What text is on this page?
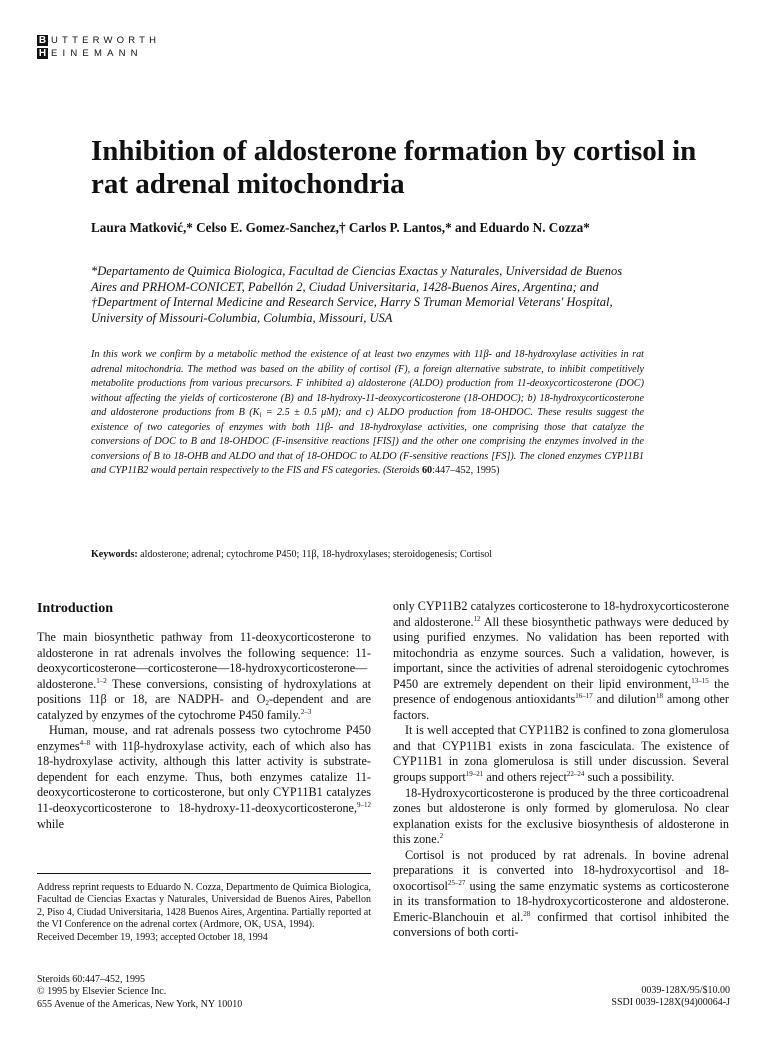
B UTTERWORTH
H EINEMANN
Inhibition of aldosterone formation by cortisol in rat adrenal mitochondria
Laura Matković,* Celso E. Gomez-Sanchez,† Carlos P. Lantos,* and Eduardo N. Cozza*
*Departamento de Quimica Biologica, Facultad de Ciencias Exactas y Naturales, Universidad de Buenos Aires and PRHOM-CONICET, Pabellón 2, Ciudad Universitaria, 1428-Buenos Aires, Argentina; and †Department of Internal Medicine and Research Service, Harry S Truman Memorial Veterans' Hospital, University of Missouri-Columbia, Columbia, Missouri, USA
In this work we confirm by a metabolic method the existence of at least two enzymes with 11β- and 18-hydroxylase activities in rat adrenal mitochondria. The method was based on the ability of cortisol (F), a foreign alternative substrate, to inhibit competitively metabolite productions from various precursors. F inhibited a) aldosterone (ALDO) production from 11-deoxycorticosterone (DOC) without affecting the yields of corticosterone (B) and 18-hydroxy-11-deoxycorticosterone (18-OHDOC); b) 18-hydroxycorticosterone and aldosterone productions from B ($K_i = 2.5 \pm 0.5$ μM); and c) ALDO production from 18-OHDOC. These results suggest the existence of two categories of enzymes with both 11β- and 18-hydroxylase activities, one comprising those that catalyze the conversions of DOC to B and 18-OHDOC (F-insensitive reactions [FIS]) and the other one comprising the enzymes involved in the conversions of B to 18-OHB and ALDO and that of 18-OHDOC to ALDO (F-sensitive reactions [FS]). The cloned enzymes CYP11B1 and CYP11B2 would pertain respectively to the FIS and FS categories. (Steroids 60:447–452, 1995)
Keywords: aldosterone; adrenal; cytochrome P450; 11β, 18-hydroxylases; steroidogenesis; Cortisol
Introduction

The main biosynthetic pathway from 11-deoxycorticosterone to aldosterone in rat adrenals involves the following sequence: 11-deoxycorticosterone—corticosterone—18-hydroxycorticosterone—aldosterone.$^{1-2}$ These conversions, consisting of hydroxylations at positions 11β or 18, are NADPH- and $O_2$-dependent and are catalyzed by enzymes of the cytochrome P450 family.$^{2-3}$

Human, mouse, and rat adrenals possess two cytochrome P450 enzymes$^{4-8}$ with 11β-hydroxylase activity, each of which also has 18-hydroxylase activity, although this latter activity is substrate-dependent for each enzyme. Thus, both enzymes catalize 11-deoxycorticosterone to corticosterone, but only CYP11B1 catalyzes 11-deoxycorticosterone to 18-hydroxy-11-deoxycorticosterone,$^{9-12}$ while

Address reprint requests to Eduardo N. Cozza, Departmento de Quimica Biologica, Facultad de Ciencias Exactas y Naturales, Universidad de Buenos Aires, Pabellon 2, Piso 4, Ciudad Universitaria, 1428 Buenos Aires, Argentina. Partially reported at the VI Conference on the adrenal cortex (Ardmore, OK, USA, 1994).
Received December 19, 1993; accepted October 18, 1994
Steroids 60:447–452, 1995
© 1995 by Elsevier Science Inc.
655 Avenue of the Americas, New York, NY 10010
0039-128X/95/$10.00
SSDI 0039-128X(94)00064-J

only CYP11B2 catalyzes corticosterone to 18-hydroxycorticosterone and aldosterone.$^{12}$ All these biosynthetic pathways were deduced by using purified enzymes. No validation has been reported with mitochondria as enzyme sources. Such a validation, however, is important, since the activities of adrenal steroidogenic cytochromes P450 are extremely dependent on their lipid environment,$^{13-15}$ the presence of endogenous antioxidants$^{16-17}$ and dilution$^{18}$ among other factors.

It is well accepted that CYP11B2 is confined to zona glomerulosa and that CYP11B1 exists in zona fasciculata. The existence of CYP11B1 in zona glomerulosa is still under discussion. Several groups support$^{19-21}$ and others reject$^{22-24}$ such a possibility.

18-Hydroxycorticosterone is produced by the three corticoadrenal zones but aldosterone is only formed by glomerulosa. No clear explanation exists for the exclusive biosynthesis of aldosterone in this zone.$^2$

Cortisol is not produced by rat adrenals. In bovine adrenal preparations it is converted into 18-hydroxycortisol and 18-oxocortisol$^{25-27}$ using the same enzymatic systems as corticosterone in its transformation to 18-hydroxycorticosterone and aldosterone. Emeric-Blanchouin et al.$^{28}$ confirmed that cortisol inhibited the conversions of both corti-
